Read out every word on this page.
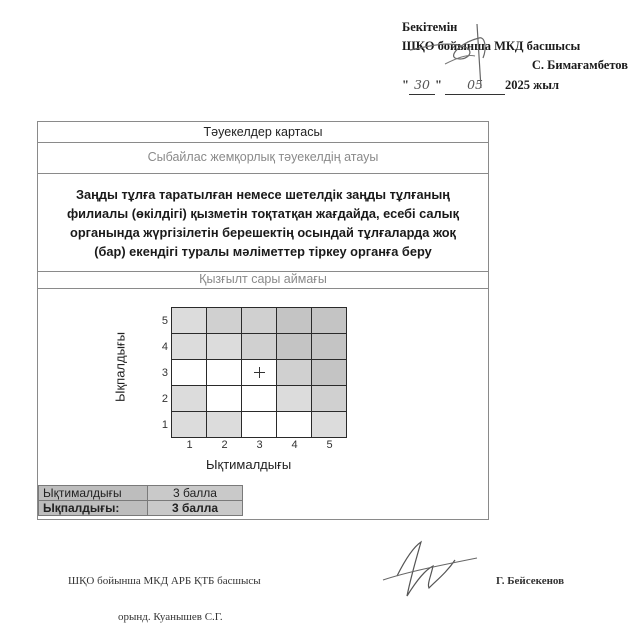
Бекітемін
ШҚО бойынша МКД басшысы
С. Бимағамбетов
" 30 " 05 2025 жыл
Тәуекелдер картасы
Сыбайлас жемқорлық тәуекелдің атауы
Заңды тұлға таратылған немесе шетелдік заңды тұлғаның филиалы (өкілдігі) қызметін тоқтатқан жағдайда, есебі салық органында жүргізілетін берешектің осындай тұлғаларда жоқ (бар) екендігі туралы мәліметтер тіркеу органға беру
Қызғылт сары аймағы
Ықпалдығы
5
4
3
2
1
1	2	3	4	5
Ықтималдығы
Ықтималдығы	3 балла
Ықпалдығы:	3 балла
ШҚО бойынша МКД АРБ ҚТБ басшысы
орынд. Куанышев С.Г.
Г. Бейсекенов
